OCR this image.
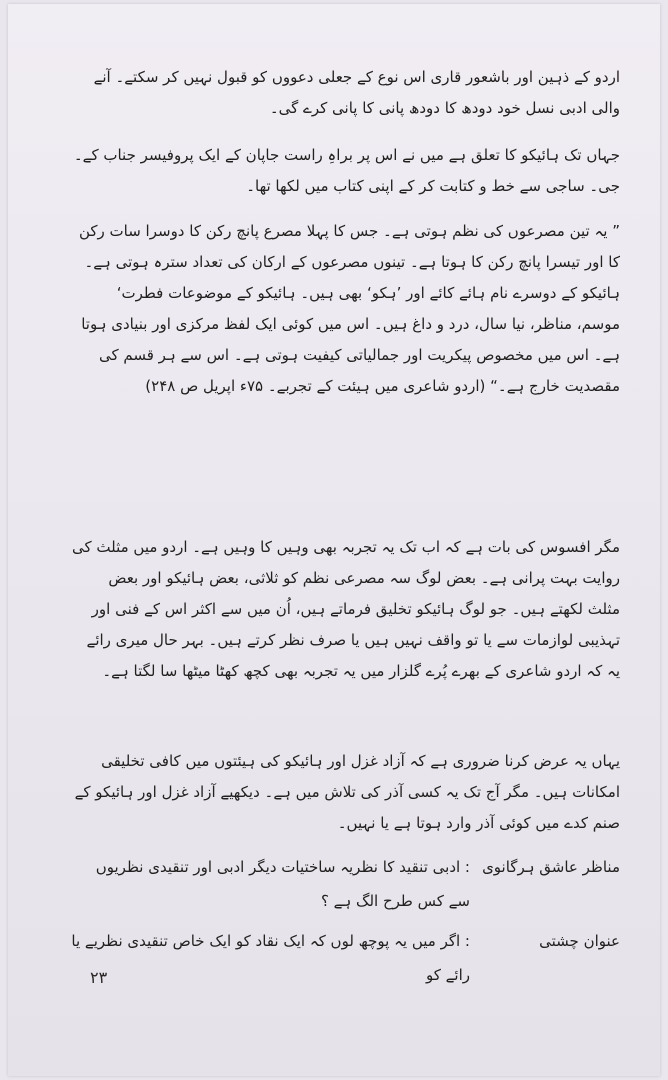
اردو کے ذہین اور باشعور قاری اس نوع کے جعلی دعووں کو قبول نہیں کر سکتے۔ آنے والی ادبی نسل خود دودھ کا دودھ پانی کا پانی کرے گی۔
جہاں تک ہائیکو کا تعلق ہے میں نے اس پر براہِ راست جاپان کے ایک پروفیسر جناب کے۔ جی۔ ساجی سے خط و کتابت کر کے اپنی کتاب میں لکھا تھا۔
” یہ تین مصرعوں کی نظم ہوتی ہے۔ جس کا پہلا مصرع پانچ رکن کا دوسرا سات رکن کا اور تیسرا پانچ رکن کا ہوتا ہے۔ تینوں مصرعوں کے ارکان کی تعداد سترہ ہوتی ہے۔ ہائیکو کے دوسرے نام ہائے کائے اور ’ہکو‘ بھی ہیں۔ ہائیکو کے موضوعات فطرت‘ موسم، مناظر، نیا سال، درد و داغ ہیں۔ اس میں کوئی ایک لفظ مرکزی اور بنیادی ہوتا ہے۔ اس میں مخصوص پیکریت اور جمالیاتی کیفیت ہوتی ہے۔ اس سے ہر قسم کی مقصدیت خارج ہے۔“ (اردو شاعری میں ہیئت کے تجربے۔ ۷۵ء اپریل ص ۲۴۸)
مگر افسوس کی بات ہے کہ اب تک یہ تجربہ بھی وہیں کا وہیں ہے۔ اردو میں مثلث کی روایت بہت پرانی ہے۔ بعض لوگ سہ مصرعی نظم کو ثلاثی، بعض ہائیکو اور بعض مثلث لکھتے ہیں۔ جو لوگ ہائیکو تخلیق فرماتے ہیں، اُن میں سے اکثر اس کے فنی اور تہذیبی لوازمات سے یا تو واقف نہیں ہیں یا صرف نظر کرتے ہیں۔ بہر حال میری رائے یہ کہ اردو شاعری کے بھرے پُرے گلزار میں یہ تجربہ بھی کچھ کھٹا میٹھا سا لگتا ہے۔
یہاں یہ عرض کرنا ضروری ہے کہ آزاد غزل اور ہائیکو کی ہیئتوں میں کافی تخلیقی امکانات ہیں۔ مگر آج تک یہ کسی آذر کی تلاش میں ہے۔ دیکھیے آزاد غزل اور ہائیکو کے صنم کدے میں کوئی آذر وارد ہوتا ہے یا نہیں۔
مناظر عاشق ہرگانوی
: ادبی تنقید کا نظریہ ساختیات دیگر ادبی اور تنقیدی نظریوں سے کس طرح الگ ہے ؟
عنوان چشتی
: اگر میں یہ پوچھ لوں کہ ایک نقاد کو ایک خاص تنقیدی نظریے یا رائے کو
۲۳
